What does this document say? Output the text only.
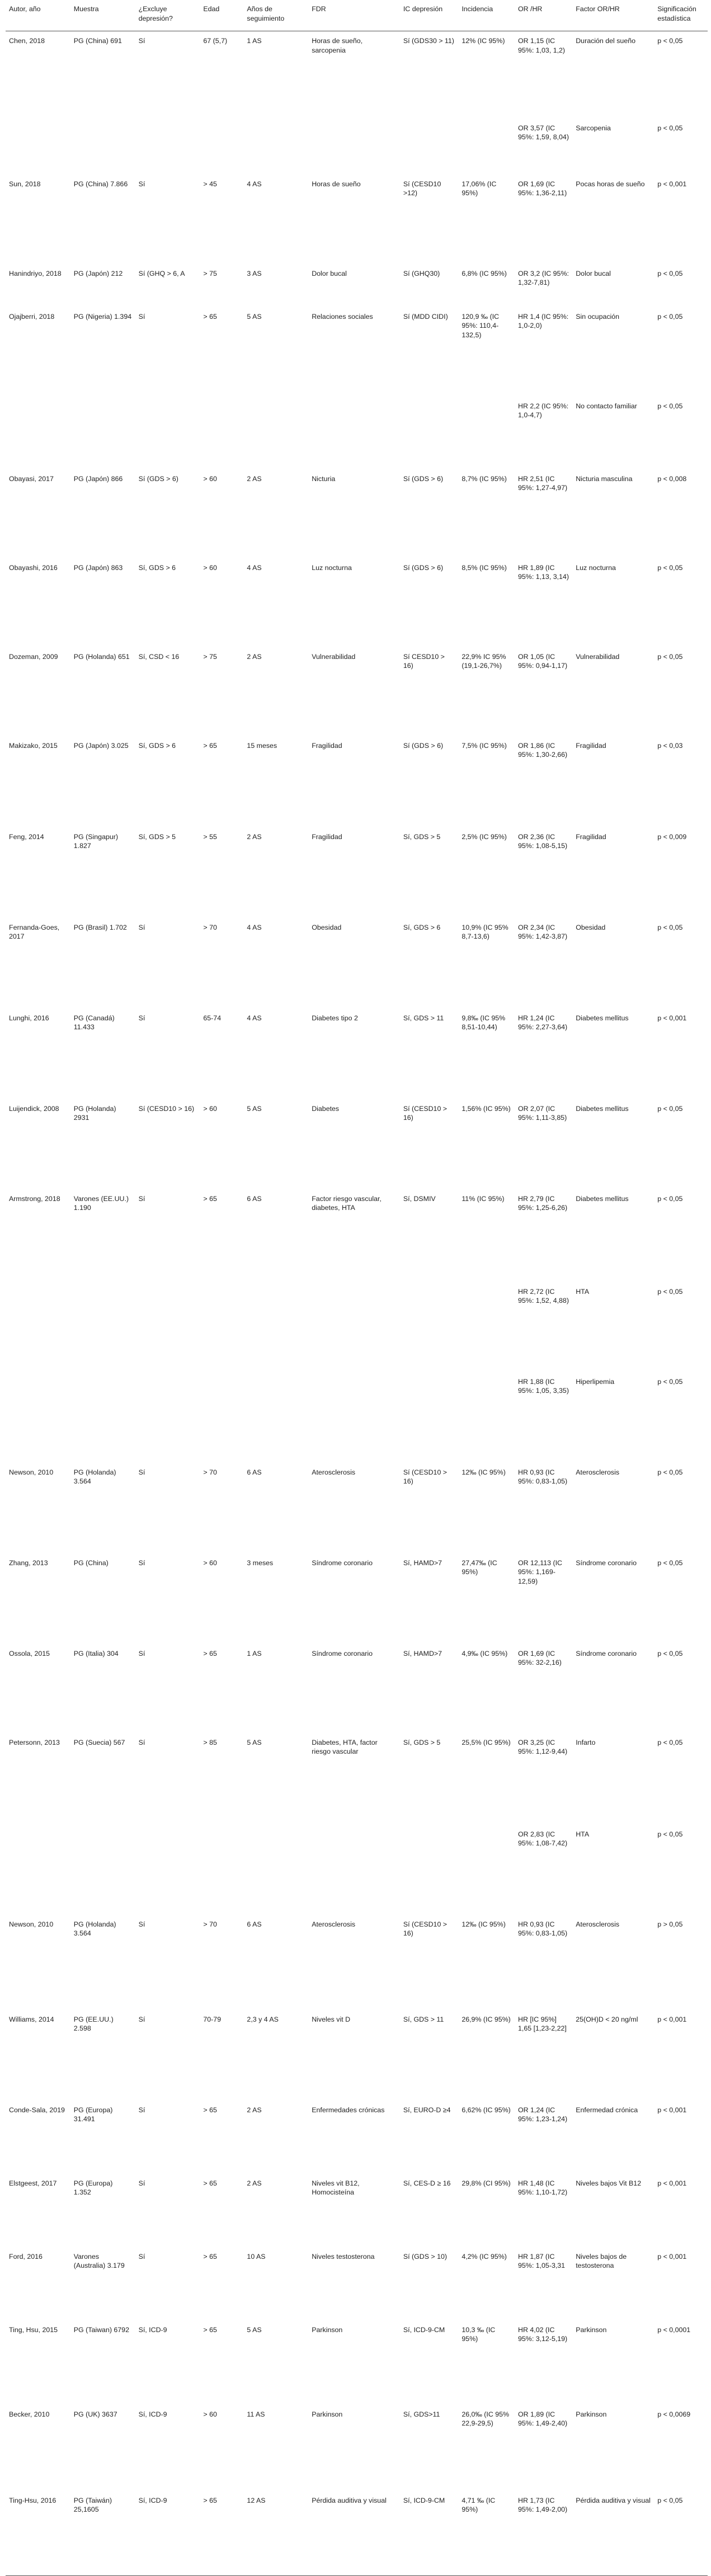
Autor, año	Muestra	¿Excluye depresión?	Edad	Años de seguimiento	FDR	IC depresión	Incidencia	OR /HR	Factor OR/HR	Significación estadística
Chen, 2018	PG (China) 691	Sí	67 (5,7)	1 AS	Horas de sueño, sarcopenia	Sí (GDS30 > 11)	12% (IC 95%)	OR 1,15 (IC 95%: 1,03, 1,2)	Duración del sueño	p < 0,05
								OR 3,57 (IC 95%: 1,59, 8,04)	Sarcopenia	p < 0,05
Sun, 2018	PG (China) 7.866	Sí	> 45	4 AS	Horas de sueño	Sí (CESD10 >12)	17,06% (IC 95%)	OR 1,69 (IC 95%: 1,36-2,11)	Pocas horas de sueño	p < 0,001
Hanindriyo, 2018	PG (Japón) 212	Sí (GHQ > 6, A	> 75	3 AS	Dolor bucal	Sí (GHQ30)	6,8% (IC 95%)	OR 3,2 (IC 95%: 1,32-7,81)	Dolor bucal	p < 0,05
Ojajberri, 2018	PG (Nigeria) 1.394	Sí	> 65	5 AS	Relaciones sociales	Sí (MDD CIDI)	120,9 ‰ (IC 95%: 110,4-132,5)	HR 1,4 (IC 95%: 1,0-2,0)	Sin ocupación	p < 0,05
								HR 2,2 (IC 95%: 1,0-4,7)	No contacto familiar	p < 0,05
Obayasi, 2017	PG (Japón) 866	Sí (GDS > 6)	> 60	2 AS	Nicturia	Sí (GDS > 6)	8,7% (IC 95%)	HR 2,51 (IC 95%: 1,27-4,97)	Nicturia masculina	p < 0,008
Obayashi, 2016	PG (Japón) 863	Sí, GDS > 6	> 60	4 AS	Luz nocturna	Sí (GDS > 6)	8,5% (IC 95%)	HR 1,89 (IC 95%: 1,13, 3,14)	Luz nocturna	p < 0,05
Dozeman, 2009	PG (Holanda) 651	Sí, CSD < 16	> 75	2 AS	Vulnerabilidad	Sí CESD10 > 16)	22,9% IC 95% (19,1-26,7%)	OR 1,05 (IC 95%: 0,94-1,17)	Vulnerabilidad	p < 0,05
Makizako, 2015	PG (Japón) 3.025	Sí, GDS > 6	> 65	15 meses	Fragilidad	Sí (GDS > 6)	7,5% (IC 95%)	OR 1,86 (IC 95%: 1,30-2,66)	Fragilidad	p < 0,03
Feng, 2014	PG (Singapur) 1.827	Sí, GDS > 5	> 55	2 AS	Fragilidad	Sí, GDS > 5	2,5% (IC 95%)	OR 2,36 (IC 95%: 1,08-5,15)	Fragilidad	p < 0,009
Fernanda-Goes, 2017	PG (Brasil) 1.702	Sí	> 70	4 AS	Obesidad	Sí, GDS > 6	10,9% (IC 95% 8,7-13,6)	OR 2,34 (IC 95%: 1,42-3,87)	Obesidad	p < 0,05
Lunghi, 2016	PG (Canadá) 11.433	Sí	65-74	4 AS	Diabetes tipo 2	Sí, GDS > 11	9,8‰ (IC 95% 8,51-10,44)	HR 1,24 (IC 95%: 2,27-3,64)	Diabetes mellitus	p < 0,001
Luijendick, 2008	PG (Holanda) 2931	Sí (CESD10 > 16)	> 60	5 AS	Diabetes	Sí (CESD10 > 16)	1,56% (IC 95%)	OR 2,07 (IC 95%: 1,11-3,85)	Diabetes mellitus	p < 0,05
Armstrong, 2018	Varones (EE.UU.) 1.190	Sí	> 65	6 AS	Factor riesgo vascular, diabetes, HTA	Sí, DSMIV	11% (IC 95%)	HR 2,79 (IC 95%: 1,25-6,26)	Diabetes mellitus	p < 0,05
								HR 2,72 (IC 95%: 1,52, 4,88)	HTA	p < 0,05
								HR 1,88 (IC 95%: 1,05, 3,35)	Hiperlipemia	p < 0,05
Newson, 2010	PG (Holanda) 3.564	Sí	> 70	6 AS	Aterosclerosis	Sí (CESD10 > 16)	12‰ (IC 95%)	HR 0,93 (IC 95%: 0,83-1,05)	Aterosclerosis	p < 0,05
Zhang, 2013	PG (China)	Sí	> 60	3 meses	Síndrome coronario	Sí, HAMD>7	27,47‰ (IC 95%)	OR 12,113 (IC 95%: 1,169-12,59)	Síndrome coronario	p < 0,05
Ossola, 2015	PG (Italia) 304	Sí	> 65	1 AS	Síndrome coronario	Sí, HAMD>7	4,9‰ (IC 95%)	OR 1,69 (IC 95%: 32-2,16)	Síndrome coronario	p < 0,05
Petersonn, 2013	PG (Suecia) 567	Sí	> 85	5 AS	Diabetes, HTA, factor riesgo vascular	Sí, GDS > 5	25,5% (IC 95%)	OR 3,25 (IC 95%: 1,12-9,44)	Infarto	p < 0,05
								OR 2,83 (IC 95%: 1,08-7,42)	HTA	p < 0,05
Newson, 2010	PG (Holanda) 3.564	Sí	> 70	6 AS	Aterosclerosis	Sí (CESD10 > 16)	12‰ (IC 95%)	HR 0,93 (IC 95%: 0,83-1,05)	Aterosclerosis	p > 0,05
Williams, 2014	PG (EE.UU.) 2.598	Sí	70-79	2,3 y 4 AS	Niveles vit D	Sí, GDS > 11	26,9% (IC 95%)	HR [IC 95%] 1,65 [1,23-2,22]	25(OH)D < 20 ng/ml	p < 0,001
Conde-Sala, 2019	PG (Europa) 31.491	Sí	> 65	2 AS	Enfermedades crónicas	Sí, EURO-D ≥4	6,62% (IC 95%)	OR 1,24 (IC 95%: 1,23-1,24)	Enfermedad crónica	p < 0,001
Elstgeest, 2017	PG (Europa) 1.352	Sí	> 65	2 AS	Niveles vit B12, Homocisteína	Sí, CES-D ≥ 16	29,8% (CI 95%)	HR 1,48 (IC 95%: 1,10-1,72)	Niveles bajos Vit B12	p < 0,001
Ford, 2016	Varones (Australia) 3.179	Sí	> 65	10 AS	Niveles testosterona	Sí (GDS > 10)	4,2% (IC 95%)	HR 1,87 (IC 95%: 1,05-3,31	Niveles bajos de testosterona	p < 0,001
Ting, Hsu, 2015	PG (Taiwan) 6792	Sí, ICD-9	> 65	5 AS	Parkinson	Sí, ICD-9-CM	10,3 ‰ (IC 95%)	HR 4,02 (IC 95%: 3,12-5,19)	Parkinson	p < 0,0001
Becker, 2010	PG (UK) 3637	Sí, ICD-9	> 60	11 AS	Parkinson	Sí, GDS>11	26,0‰ (IC 95% 22,9-29,5)	OR 1,89 (IC 95%: 1,49-2,40)	Parkinson	p < 0,0069
Ting-Hsu, 2016	PG (Taiwán) 25,1605	Sí, ICD-9	> 65	12 AS	Pérdida auditiva y visual	Sí, ICD-9-CM	4,71 ‰ (IC 95%)	HR 1,73 (IC 95%: 1,49-2,00)	Pérdida auditiva y visual	p < 0,05
